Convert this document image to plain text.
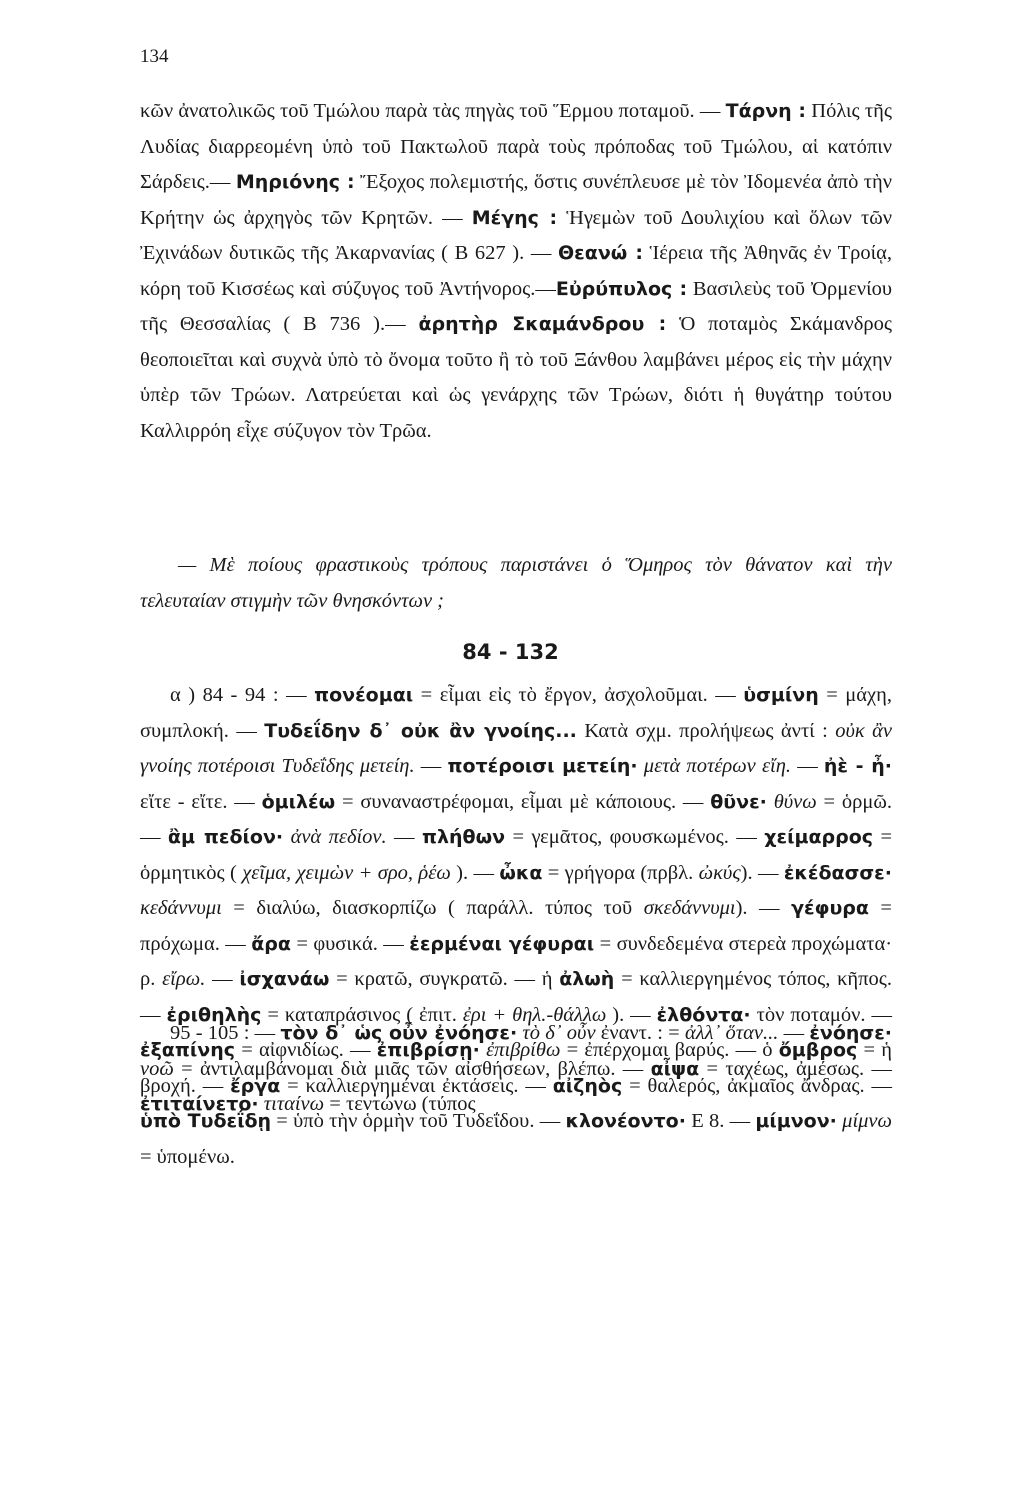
134
κῶν ἀνατολικῶς τοῦ Τμώλου παρὰ τὰς πηγὰς τοῦ Ἕρμου ποταμοῦ. — Τάρνη : Πόλις τῆς Λυδίας διαρρεομένη ὑπὸ τοῦ Πακτωλοῦ παρὰ τοὺς πρόποδας τοῦ Τμώλου, αἱ κατόπιν Σάρδεις.— Μηριόνης : Ἔξοχος πολεμιστής, ὅστις συνέπλευσε μὲ τὸν Ἰδομενέα ἀπὸ τὴν Κρήτην ὡς ἀρχηγὸς τῶν Κρητῶν. — Μέγης : Ἡγεμὼν τοῦ Δουλιχίου καὶ ὅλων τῶν Ἐχινάδων δυτικῶς τῆς Ἀκαρνανίας ( Β 627 ). — Θεανώ : Ἱέρεια τῆς Ἀθηνᾶς ἐν Τροίᾳ, κόρη τοῦ Κισσέως καὶ σύζυγος τοῦ Ἀντήνορος.—Εὐρύπυλος : Βασιλεὺς τοῦ Ὀρμενίου τῆς Θεσσαλίας ( Β 736 ).— ἀρητὴρ Σκαμάνδρου : Ὁ ποταμὸς Σκάμανδρος θεοποιεῖται καὶ συχνὰ ὑπὸ τὸ ὄνομα τοῦτο ἢ τὸ τοῦ Ξάνθου λαμβάνει μέρος εἰς τὴν μάχην ὑπὲρ τῶν Τρώων. Λατρεύεται καὶ ὡς γενάρχης τῶν Τρώων, διότι ἡ θυγάτηρ τούτου Καλλιρρόη εἶχε σύζυγον τὸν Τρῶα.
— Μὲ ποίους φραστικοὺς τρόπους παριστάνει ὁ Ὅμηρος τὸν θάνατον καὶ τὴν τελευταίαν στιγμὴν τῶν θνησκόντων ;
84 - 132
α ) 84 - 94 : — πονέομαι = εἶμαι εἰς τὸ ἔργον, ἀσχολοῦμαι. — ὑσμίνη = μάχη, συμπλοκή. — Τυδεΐδην δ᾽ οὐκ ἂν γνοίης... Κατὰ σχμ. προλήψεως ἀντί : οὐκ ἂν γνοίης ποτέροισι Τυδεΐδης μετείη. — ποτέροισι μετείη· μετὰ ποτέρων εἴη. — ἠὲ - ἦ· εἴτε - εἴτε. — ὁμιλέω = συναναστρέφομαι, εἶμαι μὲ κάποιους. — θῦνε· θύνω = ὁρμῶ. — ἂμ πεδίον· ἀνὰ πεδίον. — πλήθων = γεμᾶτος, φουσκωμένος. — χείμαρρος = ὁρμητικὸς ( χεῖμα, χειμὼν + σρο, ῥέω ). — ὦκα = γρήγορα (πρβλ. ὠκύς). — ἐκέδασσε· κεδάννυμι = διαλύω, διασκορπίζω ( παράλλ. τύπος τοῦ σκεδάννυμι). — γέφυρα = πρόχωμα. — ἄρα = φυσικά. — ἐερμέναι γέφυραι = συνδεδεμένα στερεὰ προχώματα· ρ. εἴρω. — ἰσχανάω = κρατῶ, συγκρατῶ. — ἡ ἀλωὴ = καλλιεργημένος τόπος, κῆπος. — ἐριθηλὴς = καταπράσινος ( ἐπιτ. ἐρι + θηλ.-θάλλω ). — ἐλθόντα· τὸν ποταμόν. — ἐξαπίνης = αἰφνιδίως. — ἐπιβρίσῃ· ἐπιβρίθω = ἐπέρχομαι βαρύς. — ὁ ὄμβρος = ἡ βροχή. — ἔργα = καλλιεργημέναι ἐκτάσεις. — αἰζηὸς = θαλερός, ἀκμαῖος ἄνδρας. — ὑπὸ Τυδεΐδῃ = ὑπὸ τὴν ὁρμὴν τοῦ Τυδεΐδου. — κλονέοντο· Ε 8. — μίμνον· μίμνω = ὑπομένω.
95 - 105 : — τὸν δ᾽ ὡς οὖν ἐνόησε· τὸ δ᾽ οὖν ἐναντ. : = ἀλλ᾽ ὅταν... — ἐνόησε· νοῶ = ἀντιλαμβάνομαι διὰ μιᾶς τῶν αἰσθήσεων, βλέπω. — αἶψα = ταχέως, ἀμέσως. — ἐτιταίνετο· τιταίνω = τεντώνω (τύπος
